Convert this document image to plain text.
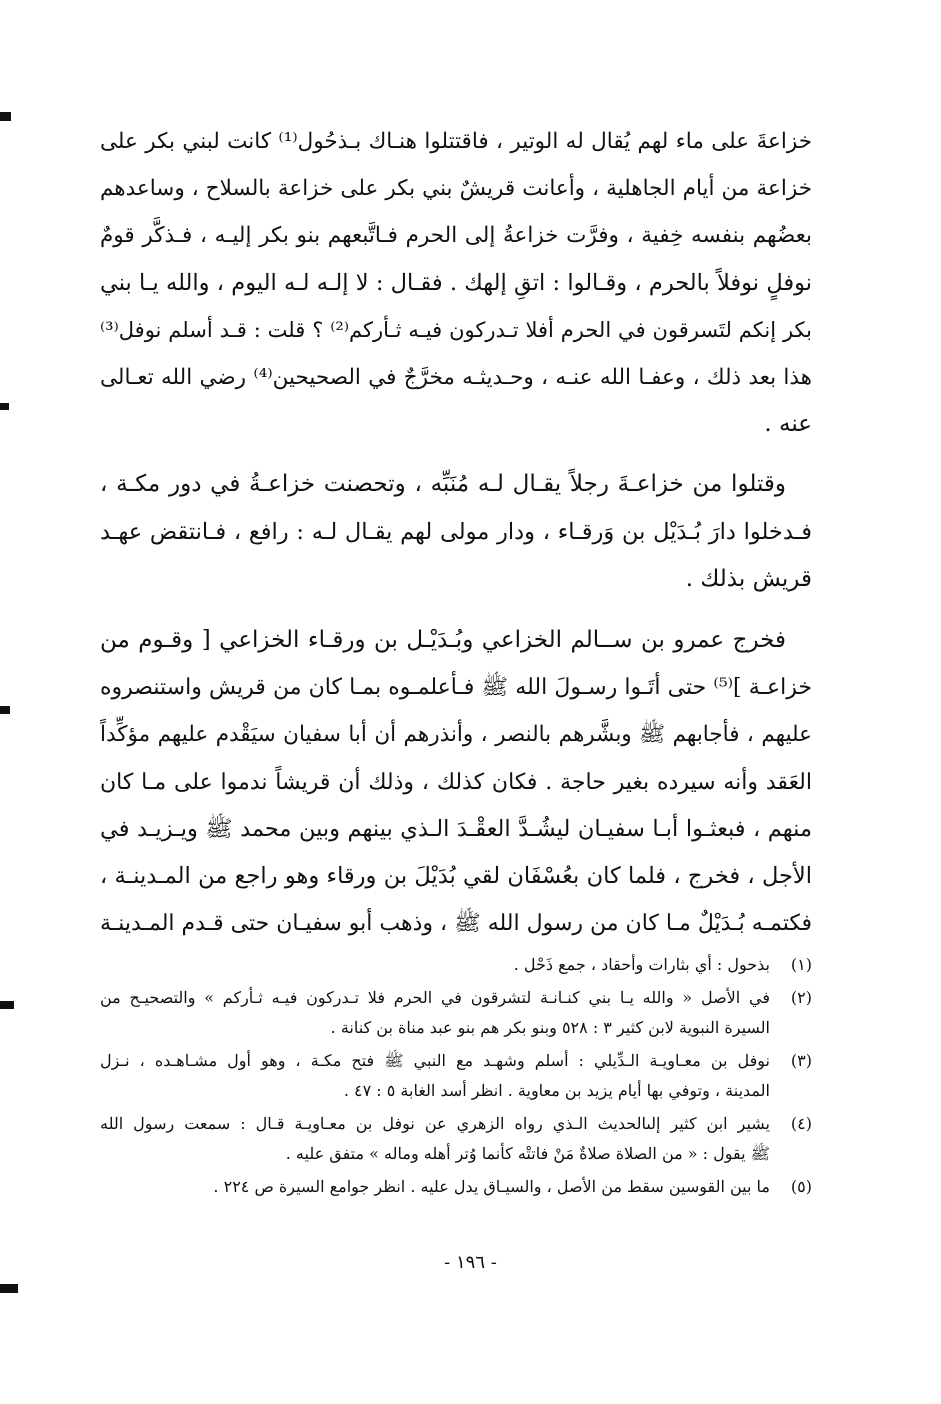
خزاعةَ على ماء لهم يُقال له الوتير ، فاقتتلوا هنـاك بـذحُول⁽¹⁾ كانت لبني بكر على
خزاعة من أيام الجاهلية ، وأعانت قريشٌ بني بكر على خزاعة بالسلاح ، وساعدهم
بعضُهم بنفسه خِفية ، وفرَّت خزاعةُ إلى الحرم فـاتَّبعهم بنو بكر إليـه ، فـذكَّر قومٌ
نوفلٍ نوفلاً بالحرم ، وقـالوا : اتقِ إلهك . فقـال : لا إلـه لـه اليوم ، والله يـا بني
بكر إنكم لتَسرقون في الحرم أفلا تـدركون فيـه ثـأركم⁽²⁾ ؟ قلت : قـد أسلم نوفل⁽³⁾
هذا بعد ذلك ، وعفـا الله عنـه ، وحـديثـه مخرَّجٌ في الصحيحين⁽⁴⁾ رضي الله تعـالى
عنه .

وقتلوا من خزاعـةَ رجلاً يقـال لـه مُنَبِّه ، وتحصنت خزاعـةُ في دور مكـة ،
فـدخلوا دارَ بُـدَيْل بن وَرقـاء ، ودار مولى لهم يقـال لـه : رافع ، فـانتقض عهـد
قريش بذلك .

فخرج عمرو بن ســالم الخزاعي وبُـدَيْـل بن ورقـاء الخزاعي [ وقـوم من
خزاعـة ]⁽⁵⁾ حتى أتَـوا رسـولَ الله ﷺ فـأعلمـوه بمـا كان من قريش واستنصروه
عليهم ، فأجابهم ﷺ وبشَّرهم بالنصر ، وأنذرهم أن أبا سفيان سيَقْدم عليهم مؤكِّداً
العَقد وأنه سيرده بغير حاجة . فكان كذلك ، وذلك أن قريشاً ندموا على مـا كان
منهم ، فبعثـوا أبـا سفيـان ليشُـدَّ العقْـدَ الـذي بينهم وبين محمد ﷺ ويـزيـد في
الأجل ، فخرج ، فلما كان بعُسْفَان لقي بُدَيْلَ بن ورقاء وهو راجع من المـدينـة ،
فكتمـه بُـدَيْلٌ مـا كان من رسول الله ﷺ ، وذهب أبو سفيـان حتى قـدم المـدينـة

(١)
بذحول : أي بثارات وأحقاد ، جمع ذَحْل .
(٢)
في الأصل « والله يـا بني كنـانـة لتشرقون في الحرم فلا تـدركون فيـه ثـأركم » والتصحيـح من
السيرة النبوية لابن كثير ٣ : ٥٢٨ وبنو بكر هم بنو عبد مناة بن كنانة .
(٣)
نوفل بن معـاويـة الـدِّيلي : أسلم وشهـد مع النبي ﷺ فتح مكـة ، وهو أول مشـاهـده ، نـزل
المدينة ، وتوفي بها أيام يزيد بن معاوية . انظر أسد الغابة ٥ : ٤٧ .
(٤)
يشير ابن كثير إلىالحديث الـذي رواه الزهري عن نوفل بن معـاويـة قـال : سمعت رسول الله
ﷺ يقول : « من الصلاة صلاةٌ مَنْ فاتتْه كأنما وُتر أهله وماله » متفق عليه .
(٥)
ما بين القوسين سقط من الأصل ، والسيـاق يدل عليه . انظر جوامع السيرة ص ٢٢٤ .
- ١٩٦ -
